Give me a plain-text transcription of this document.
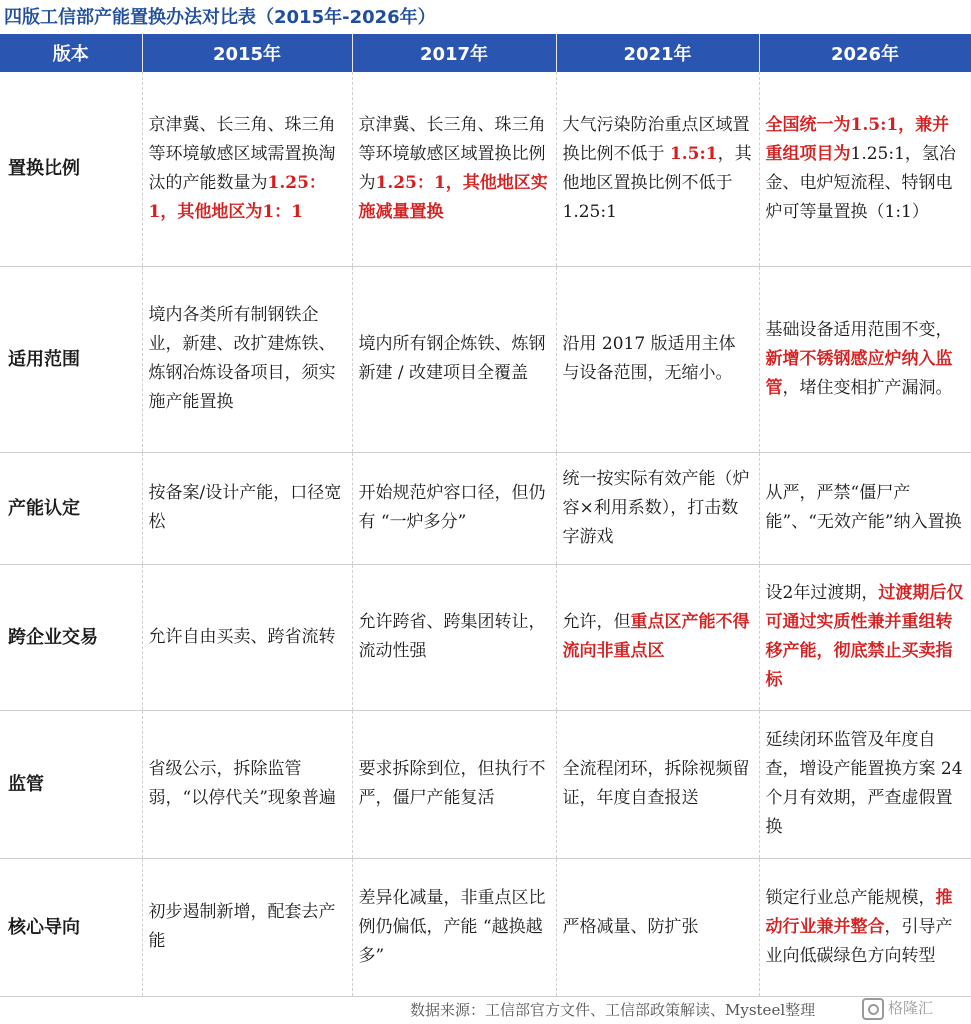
四版工信部产能置换办法对比表（2015年-2026年）
版本	2015年	2017年	2021年	2026年
置换比例	京津冀、长三角、珠三角等环境敏感区域需置换淘汰的产能数量为1.25：1，其他地区为1：1	京津冀、长三角、珠三角等环境敏感区域置换比例为1.25：1，其他地区实施减量置换	大气污染防治重点区域置换比例不低于 1.5:1，其他地区置换比例不低于 1.25:1	全国统一为1.5:1，兼并重组项目为1.25:1，氢冶金、电炉短流程、特钢电炉可等量置换（1:1）
适用范围	境内各类所有制钢铁企业，新建、改扩建炼铁、炼钢冶炼设备项目，须实施产能置换	境内所有钢企炼铁、炼钢新建 / 改建项目全覆盖	沿用 2017 版适用主体与设备范围，无缩小。	基础设备适用范围不变，新增不锈钢感应炉纳入监管，堵住变相扩产漏洞。
产能认定	按备案/设计产能，口径宽松	开始规范炉容口径，但仍有 “一炉多分”	统一按实际有效产能（炉容×利用系数），打击数字游戏	从严，严禁“僵尸产能”、“无效产能”纳入置换
跨企业交易	允许自由买卖、跨省流转	允许跨省、跨集团转让，流动性强	允许，但重点区产能不得流向非重点区	设2年过渡期，过渡期后仅可通过实质性兼并重组转移产能，彻底禁止买卖指标
监管	省级公示，拆除监管弱，“以停代关”现象普遍	要求拆除到位，但执行不严，僵尸产能复活	全流程闭环，拆除视频留证，年度自查报送	延续闭环监管及年度自查，增设产能置换方案 24 个月有效期，严查虚假置换
核心导向	初步遏制新增，配套去产能	差异化减量，非重点区比例仍偏低，产能 “越换越多”	严格减量、防扩张	锁定行业总产能规模，推动行业兼并整合，引导产业向低碳绿色方向转型
数据来源：工信部官方文件、工信部政策解读、Mysteel整理	格隆汇
